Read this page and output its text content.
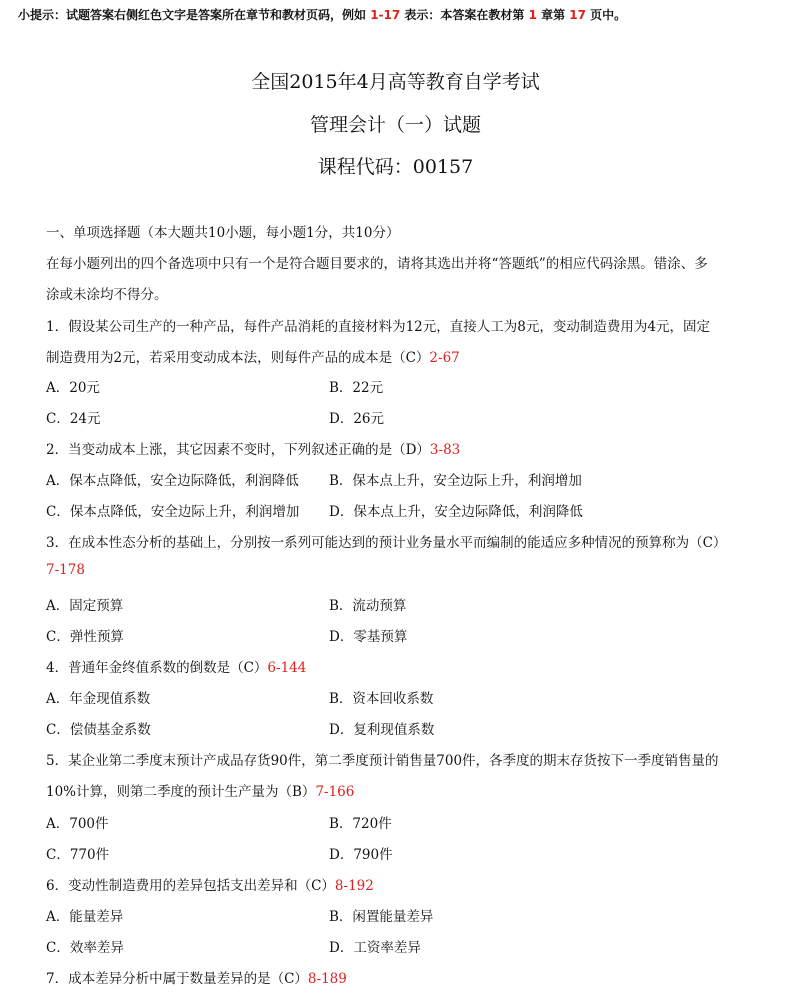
小提示：试题答案右侧红色文字是答案所在章节和教材页码，例如 1-17 表示：本答案在教材第 1 章第 17 页中。
全国2015年4月高等教育自学考试
管理会计（一）试题
课程代码：00157
一、单项选择题（本大题共10小题，每小题1分，共10分）
在每小题列出的四个备选项中只有一个是符合题目要求的，请将其选出并将“答题纸”的相应代码涂黑。错涂、多
涂或未涂均不得分。
1．假设某公司生产的一种产品，每件产品消耗的直接材料为12元，直接人工为8元，变动制造费用为4元，固定
制造费用为2元，若采用变动成本法，则每件产品的成本是（C）2-67
A．20元	B．22元
C．24元	D．26元
2．当变动成本上涨，其它因素不变时，下列叙述正确的是（D）3-83
A．保本点降低，安全边际降低，利润降低 B．保本点上升，安全边际上升，利润增加
C．保本点降低，安全边际上升，利润增加 D．保本点上升，安全边际降低，利润降低
3．在成本性态分析的基础上，分别按一系列可能达到的预计业务量水平而编制的能适应多种情况的预算称为（C）
7-178
A．固定预算	B．流动预算
C．弹性预算	D．零基预算
4．普通年金终值系数的倒数是（C）6-144
A．年金现值系数	B．资本回收系数
C．偿债基金系数	D．复利现值系数
5．某企业第二季度末预计产成品存货90件，第二季度预计销售量700件，各季度的期末存货按下一季度销售量的
10%计算，则第二季度的预计生产量为（B）7-166
A．700件	B．720件
C．770件	D．790件
6．变动性制造费用的差异包括支出差异和（C）8-192
A．能量差异	B．闲置能量差异
C．效率差异	D．工资率差异
7．成本差异分析中属于数量差异的是（C）8-189
